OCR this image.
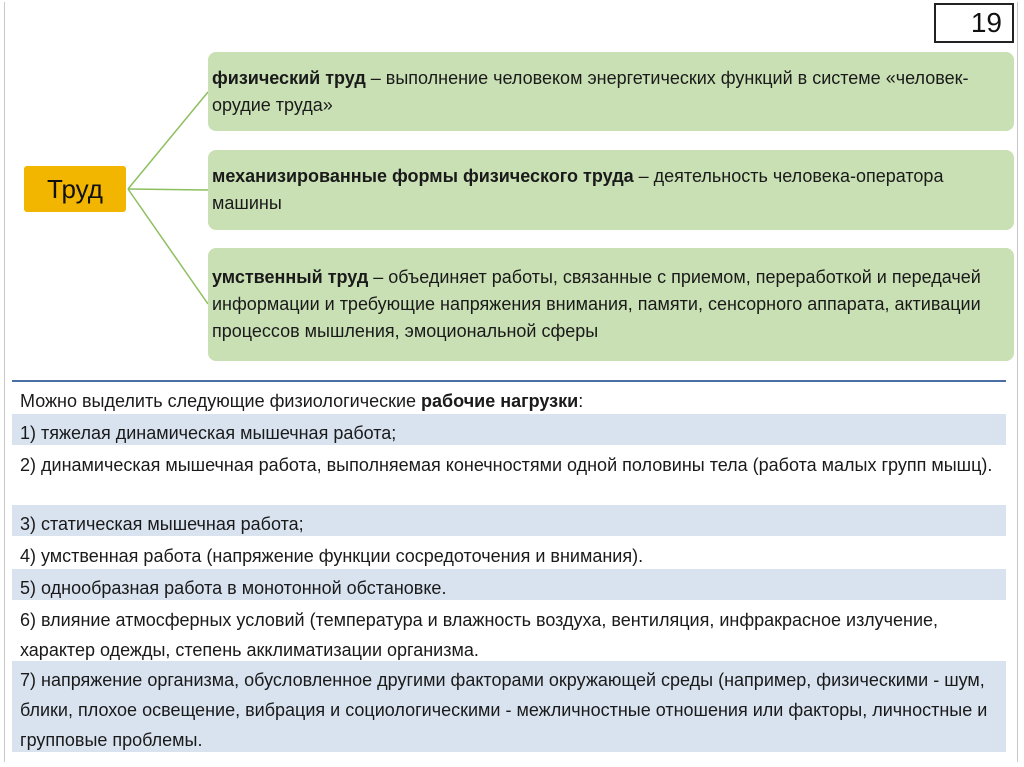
19
Труд
физический труд – выполнение человеком энергетических функций в системе «человек-орудие труда»
механизированные формы физического труда – деятельность человека-оператора машины
умственный труд – объединяет работы, связанные с приемом, переработкой и передачей информации и требующие напряжения внимания, памяти, сенсорного аппарата, активации процессов мышления, эмоциональной сферы
Можно выделить следующие физиологические рабочие нагрузки:
1) тяжелая динамическая мышечная работа;
2) динамическая мышечная работа, выполняемая конечностями одной половины тела (работа малых групп мышц).
3) статическая мышечная работа;
4) умственная работа (напряжение функции сосредоточения и внимания).
5) однообразная работа в монотонной обстановке.
6) влияние атмосферных условий (температура и влажность воздуха, вентиляция, инфракрасное излучение, характер одежды, степень акклиматизации организма.
7) напряжение организма, обусловленное другими факторами окружающей среды (например, физическими - шум, блики, плохое освещение, вибрация и социологическими - межличностные отношения или факторы, личностные и групповые проблемы.
